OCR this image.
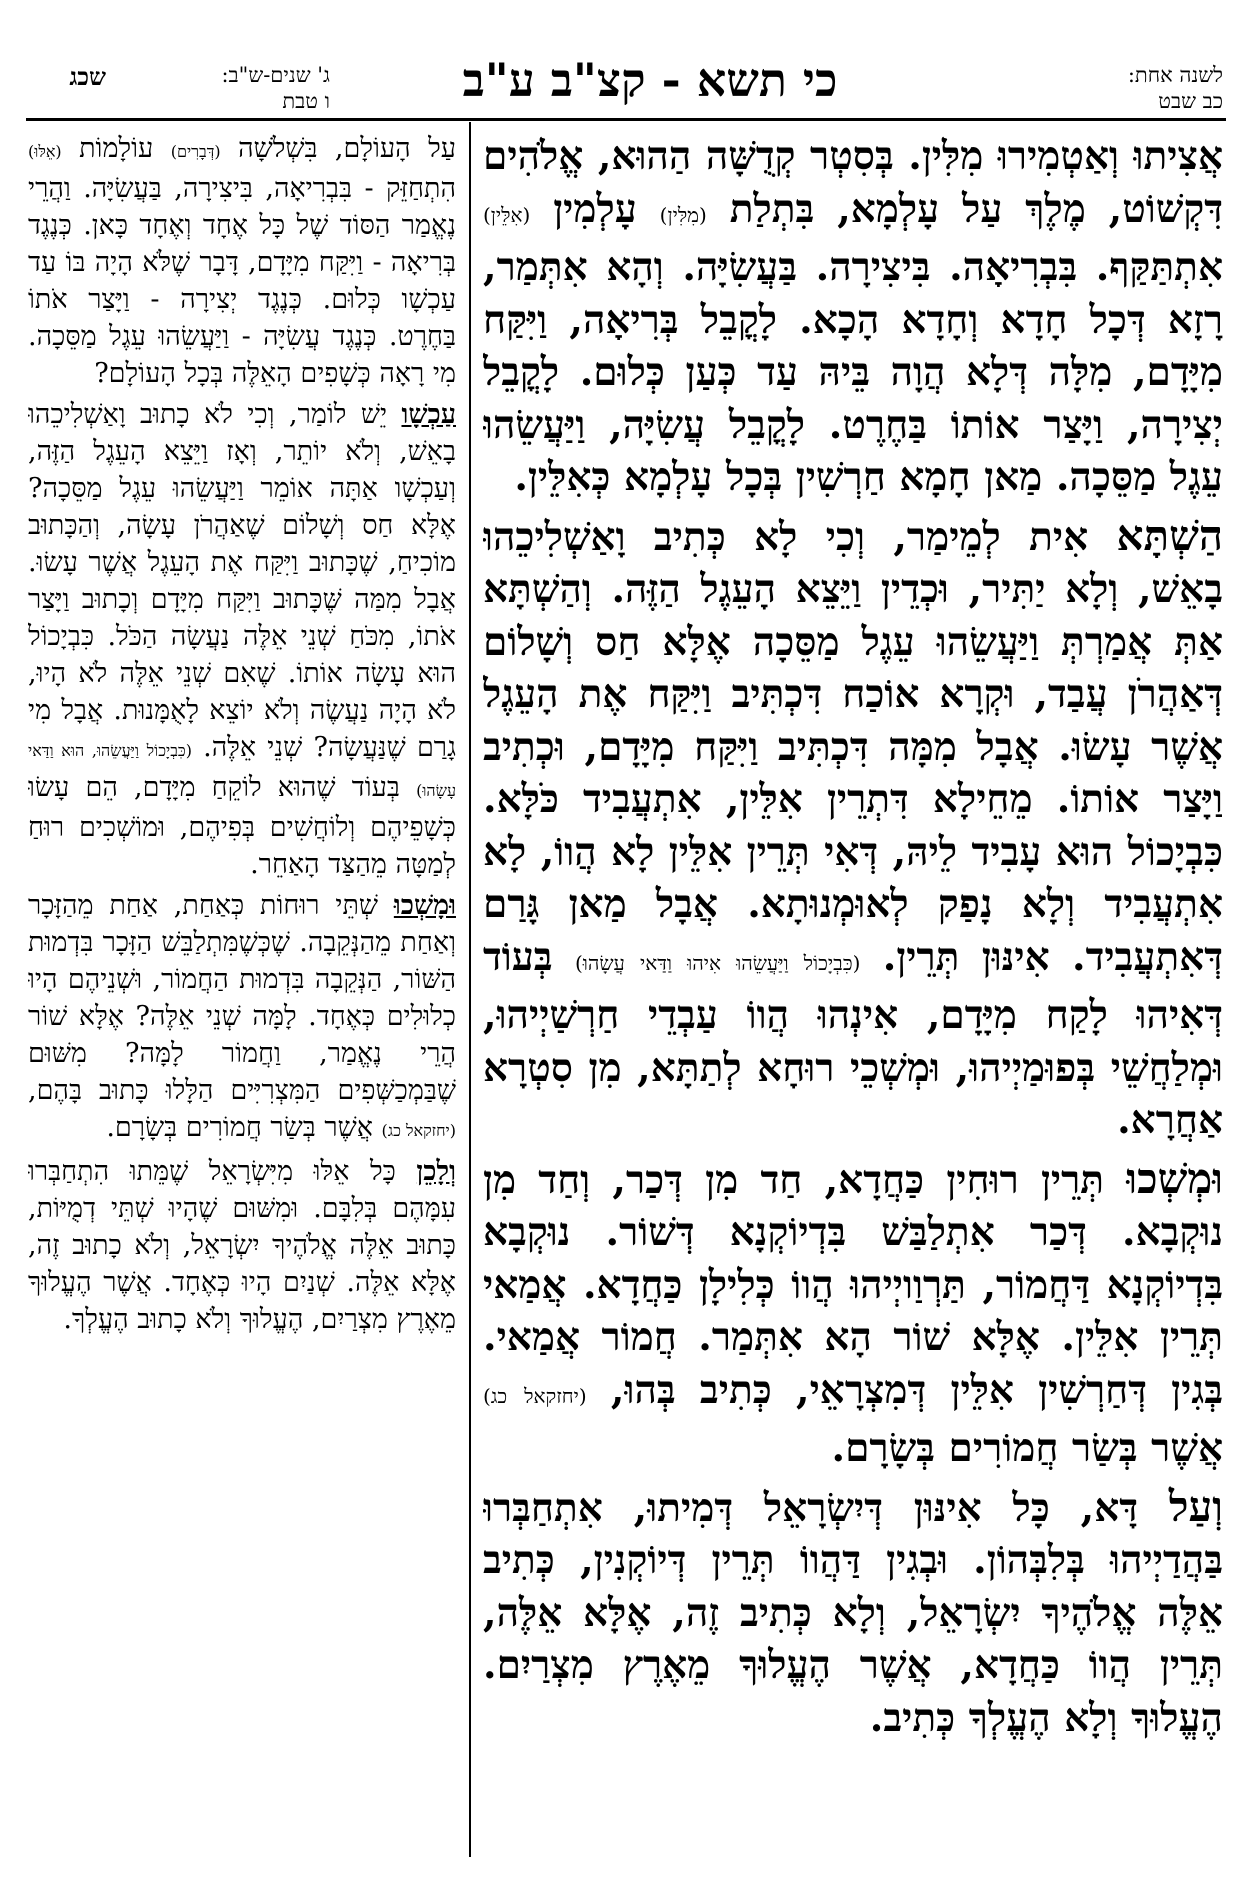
לשנה אחת:
כב שבט
כי תשא - קצ"ב ע"ב
ג' שנים-ש"ב:
ו טבת
שכג

אֲצִיתוּ וְאַטְמִירוּ מִלִּין. בְּסִטְר קְדֻשָּׁה הַהוּא, אֱלֹהִים דִּקְשׁוֹט, מֶלֶךְ עַל עָלְמָא, בִּתְלַת (מִלִּין) עָלְמִין (אִלֵּין) אִתְתַּקַּף. בִּבְרִיאָה. בִּיצִירָה. בַּעֲשִׂיָּה. וְהָא אִתְּמַר, רָזָא דְּכָל חָדָא וְחָדָא הָכָא. לָקֳבֵל בְּרִיאָה, וַיִּקַּח מִיָּדָם, מִלָּה דְּלָא הֲוָה בֵּיהּ עַד כְּעַן כְּלוּם. לָקֳבֵל יְצִירָה, וַיָּצַר אוֹתוֹ בַּחֶרֶט. לָקֳבֵל עֲשִׂיָּה, וַיַּעֲשֵׂהוּ עֵגֶל מַסֵּכָה. מַאן חָמָא חַרְשִׁין בְּכָל עָלְמָא כְּאִלֵּין.

הַשְׁתָּא אִית לְמֵימַר, וְכִי לָא כְּתִיב וָאַשְׁלִיכֵהוּ בָאֵשׁ, וְלָא יַתִּיר, וּכְדֵין וַיֵּצֵא הָעֵגֶל הַזֶּה. וְהַשְׁתָּא אַתְּ אֲמַרְתְּ וַיַּעֲשֵׂהוּ עֵגֶל מַסֵּכָה אֶלָּא חַס וְשָׁלוֹם דְּאַהֲרֹן עֲבַד, וּקְרָא אוֹכַח דִּכְתִּיב וַיִּקַּח אֶת הָעֵגֶל אֲשֶׁר עָשׂוּ. אֲבָל מִמָּה דִּכְתִּיב וַיִּקַּח מִיָּדָם, וּכְתִיב וַיָּצַר אוֹתוֹ. מֵחֵילָא דִּתְרֵין אִלֵּין, אִתְעֲבִיד כֹּלָּא. כִּבְיָכוֹל הוּא עָבִיד לֵיהּ, דְּאִי תְּרֵין אִלֵּין לָא הֲווֹ, לָא אִתְעֲבִיד וְלָא נָפַק לְאוּמְנוּתָא. אֲבָל מַאן גָּרַם דְּאִתְעֲבִיד. אִינּוּן תְּרֵין. (כִּבְיָכוֹל וַיַּעֲשֵׂהוּ אִיהוּ וַדַּאי עֲשָׂהוּ) בְּעוֹד דְּאִיהוּ לָקַח מִיָּדָם, אִינְהוּ הֲווֹ עַבְדֵי חַרְשַׁיְיהוּ, וּמְלַחֲשֵׁי בְּפוּמַיְיהוּ, וּמְשְׁכֵי רוּחָא לְתַתָּא, מִן סִטְרָא אַחֲרָא.

וּמְשְׁכוּ תְּרֵין רוּחִין כַּחֲדָא, חַד מִן דְּכַר, וְחַד מִן נוּקְבָא. דְּכַר אִתְלַבַּשׁ בִּדְיוֹקְנָא דְּשׁוֹר. נוּקְבָא בִּדְיוֹקְנָא דַּחֲמוֹר, תַּרְוַויְיהוּ הֲווֹ כְּלִילָן כַּחֲדָא. אֲמַאי תְּרֵין אִלֵּין. אֶלָּא שׁוֹר הָא אִתְּמַר. חֲמוֹר אֲמַאי. בְּגִין דְּחַרְשִׁין אִלֵּין דְּמִצְרָאֵי, כְּתִיב בְּהוּ, (יחזקאל כג) אֲשֶׁר בְּשַׂר חֲמוֹרִים בְּשָׂרָם.

וְעַל דָּא, כָּל אִינּוּן דְּיִשְׂרָאֵל דְּמִיתוּ, אִתְחַבְּרוּ בַּהֲדַיְיהוּ בְּלִבְּהוֹן. וּבְגִין דַּהֲווֹ תְּרֵין דְּיוֹקְנִין, כְּתִיב אֵלֶּה אֱלֹהֶיךָ יִשְׂרָאֵל, וְלָא כְּתִיב זֶה, אֶלָּא אֵלֶּה, תְּרֵין הֲווֹ כַּחֲדָא, אֲשֶׁר הֶעֱלוּךָ מֵאֶרֶץ מִצְרַיִם. הֶעֱלוּךָ וְלָא הֶעֱלְךָ כְּתִיב.

עַל הָעוֹלָם, בִּשְׁלֹשָׁה (דְּבָרִים) עוֹלָמוֹת (אֵלּוּ) הִתְחַזֵּק - בִּבְרִיאָה, בִּיצִירָה, בַּעֲשִׂיָּה. וַהֲרֵי נֶאֱמַר הַסּוֹד שֶׁל כָּל אֶחָד וְאֶחָד כָּאן. כְּנֶגֶד בְּרִיאָה - וַיִּקַּח מִיָּדָם, דָּבָר שֶׁלֹּא הָיָה בּוֹ עַד עַכְשָׁו כְּלוּם. כְּנֶגֶד יְצִירָה - וַיָּצַר אֹתוֹ בַּחֶרֶט. כְּנֶגֶד עֲשִׂיָּה - וַיַּעֲשֵׂהוּ עֵגֶל מַסֵּכָה. מִי רָאָה כְּשָׁפִים הָאֵלֶּה בְּכָל הָעוֹלָם?

עַכְשָׁו יֵשׁ לוֹמַר, וְכִי לֹא כָתוּב וָאַשְׁלִיכֵהוּ בָאֵשׁ, וְלֹא יוֹתֵר, וְאָז וַיֵּצֵא הָעֵגֶל הַזֶּה, וְעַכְשָׁו אַתָּה אוֹמֵר וַיַּעֲשֵׂהוּ עֵגֶל מַסֵּכָה? אֶלָּא חַס וְשָׁלוֹם שֶׁאַהֲרֹן עָשָׂה, וְהַכָּתוּב מוֹכִיחַ, שֶׁכָּתוּב וַיִּקַּח אֶת הָעֵגֶל אֲשֶׁר עָשׂוּ. אֲבָל מִמַּה שֶּׁכָּתוּב וַיִּקַּח מִיָּדָם וְכָתוּב וַיָּצַר אֹתוֹ, מִכֹּחַ שְׁנֵי אֵלֶּה נַעֲשָׂה הַכֹּל. כִּבְיָכוֹל הוּא עָשָׂה אוֹתוֹ. שֶׁאִם שְׁנֵי אֵלֶּה לֹא הָיוּ, לֹא הָיָה נַעֲשֶׂה וְלֹא יוֹצֵא לָאֻמָּנוּת. אֲבָל מִי גָרַם שֶׁנַּעֲשָׂה? שְׁנֵי אֵלֶּה. (כִּבְיָכוֹל וַיַּעֲשֵׂהוּ, הוּא וַדַּאי עָשָׂהוּ) בְּעוֹד שֶׁהוּא לוֹקֵחַ מִיָּדָם, הֵם עָשׂוּ כְּשָׁפֵיהֶם וְלוֹחֲשִׁים בְּפִיהֶם, וּמוֹשְׁכִים רוּחַ לְמַטָּה מֵהַצַּד הָאַחֵר.

וּמָשְׁכוּ שְׁתֵּי רוּחוֹת כְּאַחַת, אַחַת מֵהַזָּכָר וְאַחַת מֵהַנְּקֵבָה. שֶׁכְּשֶׁמִּתְלַבֵּשׁ הַזָּכָר בִּדְמוּת הַשּׁוֹר, הַנְּקֵבָה בִּדְמוּת הַחֲמוֹר, וּשְׁנֵיהֶם הָיוּ כְלוּלִים כְּאֶחָד. לָמָּה שְׁנֵי אֵלֶּה? אֶלָּא שׁוֹר הֲרֵי נֶאֱמַר, וַחֲמוֹר לָמָּה? מִשּׁוּם שֶׁבַּמְכַשְּׁפִים הַמִּצְרִיִּים הַלָּלוּ כָּתוּב בָּהֶם, (יחזקאל כג) אֲשֶׁר בְּשַׂר חֲמוֹרִים בְּשָׂרָם.

וְלָכֵן כָּל אֵלּוּ מִיִּשְׂרָאֵל שֶׁמֵּתוּ הִתְחַבְּרוּ עִמָּהֶם בְּלִבָּם. וּמִשּׁוּם שֶׁהָיוּ שְׁתֵּי דְמֻיּוֹת, כָּתוּב אֵלֶּה אֱלֹהֶיךָ יִשְׂרָאֵל, וְלֹא כָתוּב זֶה, אֶלָּא אֵלֶּה. שְׁנַיִם הָיוּ כְּאֶחָד. אֲשֶׁר הֶעֱלוּךָ מֵאֶרֶץ מִצְרַיִם, הֶעֱלוּךָ וְלֹא כָתוּב הֶעֱלְךָ.
